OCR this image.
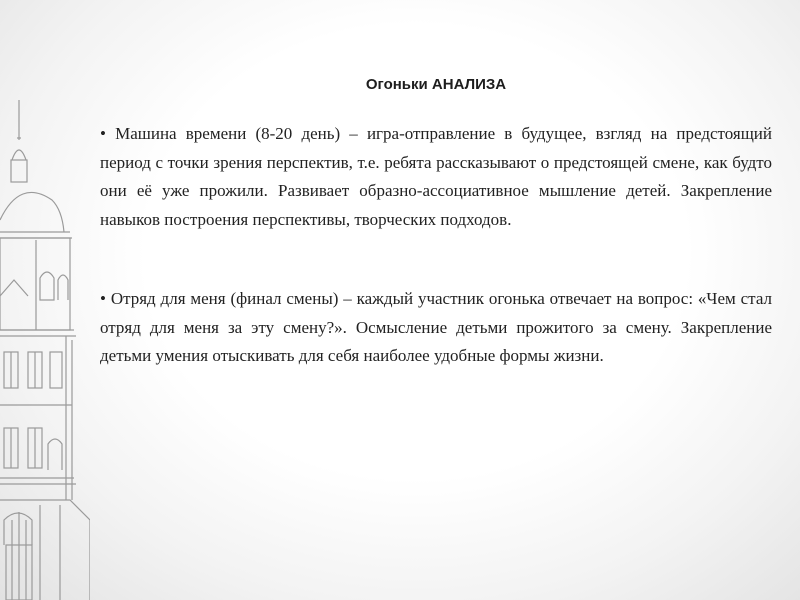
Огоньки АНАЛИЗА

• Машина времени (8-20 день) – игра-отправление в будущее, взгляд на предстоящий период с точки зрения перспектив, т.е. ребята рассказывают о предстоящей смене, как будто они её уже прожили. Развивает образно-ассоциативное мышление детей. Закрепление навыков построения перспективы, творческих подходов.

• Отряд для меня (финал смены) – каждый участник огонька отвечает на вопрос: «Чем стал отряд для меня за эту смену?». Осмысление детьми прожитого за смену. Закрепление детьми умения отыскивать для себя наиболее удобные формы жизни.
